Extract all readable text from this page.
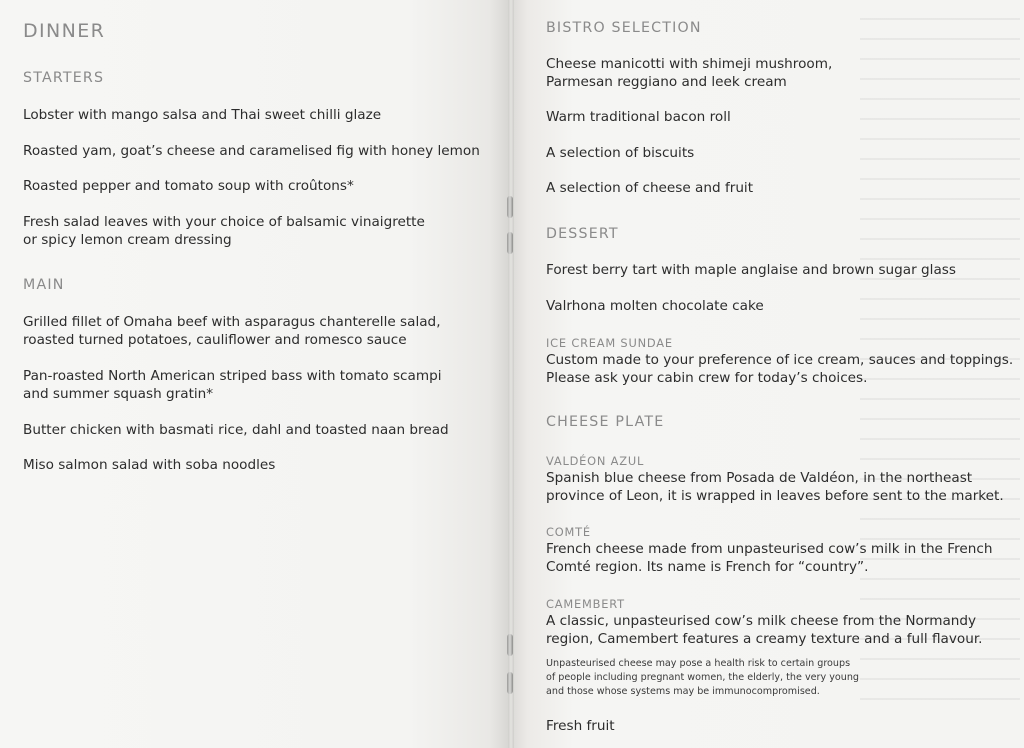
DINNER
STARTERS
Lobster with mango salsa and Thai sweet chilli glaze
Roasted yam, goat’s cheese and caramelised fig with honey lemon
Roasted pepper and tomato soup with croûtons*
Fresh salad leaves with your choice of balsamic vinaigrette
or spicy lemon cream dressing
MAIN
Grilled fillet of Omaha beef with asparagus chanterelle salad,
roasted turned potatoes, cauliflower and romesco sauce
Pan-roasted North American striped bass with tomato scampi
and summer squash gratin*
Butter chicken with basmati rice, dahl and toasted naan bread
Miso salmon salad with soba noodles
BISTRO SELECTION
Cheese manicotti with shimeji mushroom,
Parmesan reggiano and leek cream
Warm traditional bacon roll
A selection of biscuits
A selection of cheese and fruit
DESSERT
Forest berry tart with maple anglaise and brown sugar glass
Valrhona molten chocolate cake
ICE CREAM SUNDAE
Custom made to your preference of ice cream, sauces and toppings.
Please ask your cabin crew for today’s choices.
CHEESE PLATE
VALDÉON AZUL
Spanish blue cheese from Posada de Valdéon, in the northeast
province of Leon, it is wrapped in leaves before sent to the market.
COMTÉ
French cheese made from unpasteurised cow’s milk in the French
Comté region. Its name is French for “country”.
CAMEMBERT
A classic, unpasteurised cow’s milk cheese from the Normandy
region, Camembert features a creamy texture and a full flavour.
Unpasteurised cheese may pose a health risk to certain groups
of people including pregnant women, the elderly, the very young
and those whose systems may be immunocompromised.
Fresh fruit
